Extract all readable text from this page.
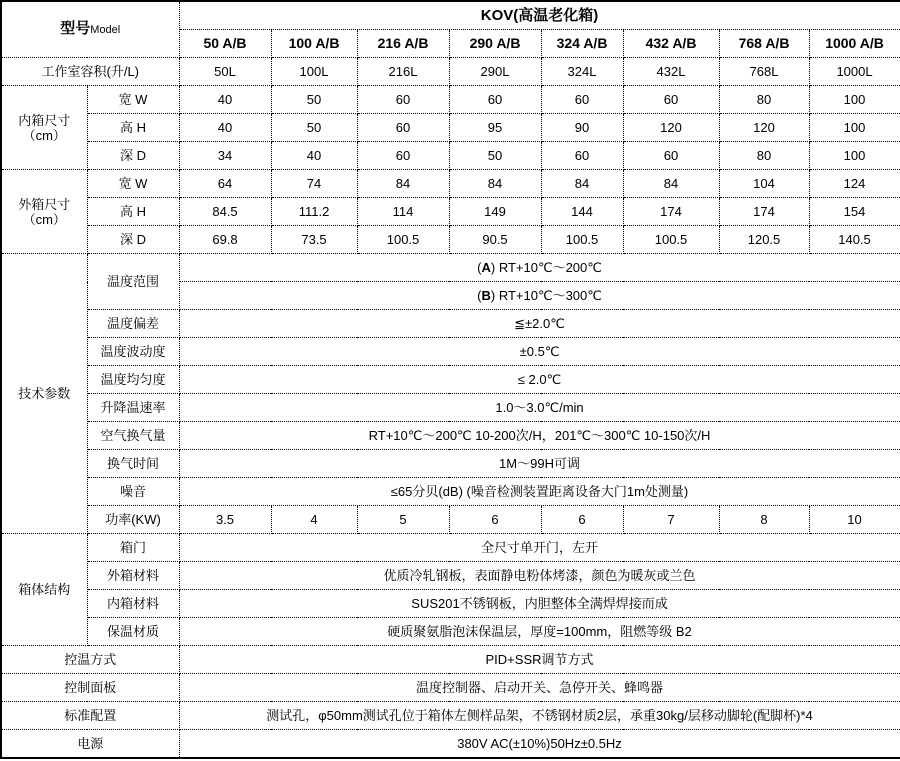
型号Model		KOV(高温老化箱)							
		50 A/B	100 A/B	216 A/B	290 A/B	324 A/B	432 A/B	768 A/B	1000 A/B
工作室容积(升/L)		50L	100L	216L	290L	324L	432L	768L	1000L
内箱尺寸
（cm）	宽 W	40	50	60	60	60	60	80	100
	高 H	40	50	60	95	90	120	120	100
	深 D	34	40	60	50	60	60	80	100
外箱尺寸
（cm）	宽 W	64	74	84	84	84	84	104	124
	高 H	84.5	111.2	114	149	144	174	174	154
	深 D	69.8	73.5	100.5	90.5	100.5	100.5	120.5	140.5
技术参数	温度范围	(A) RT+10℃～200℃							
		(B) RT+10℃～300℃							
	温度偏差	≦±2.0℃							
	温度波动度	±0.5℃							
	温度均匀度	≤ 2.0℃							
	升降温速率	1.0～3.0℃/min							
	空气换气量	RT+10℃～200℃ 10-200次/H，201℃～300℃ 10-150次/H							
	换气时间	1M～99H可调							
	噪音	≤65分贝(dB) (噪音检测装置距离设备大门1m处测量)							
	功率(KW)	3.5	4	5	6	6	7	8	10
箱体结构	箱门	全尺寸单开门，左开							
	外箱材料	优质冷轧钢板，表面静电粉体烤漆，颜色为暖灰或兰色							
	内箱材料	SUS201不锈钢板，内胆整体全满焊焊接而成							
	保温材质	硬质聚氨脂泡沫保温层，厚度=100mm，阻燃等级 B2							
控温方式		PID+SSR调节方式							
控制面板		温度控制器、启动开关、急停开关、蜂鸣器							
标准配置		测试孔，φ50mm测试孔位于箱体左侧样品架，不锈钢材质2层，承重30kg/层移动脚轮(配脚杯)*4							
电源		380V AC(±10%)50Hz±0.5Hz							
